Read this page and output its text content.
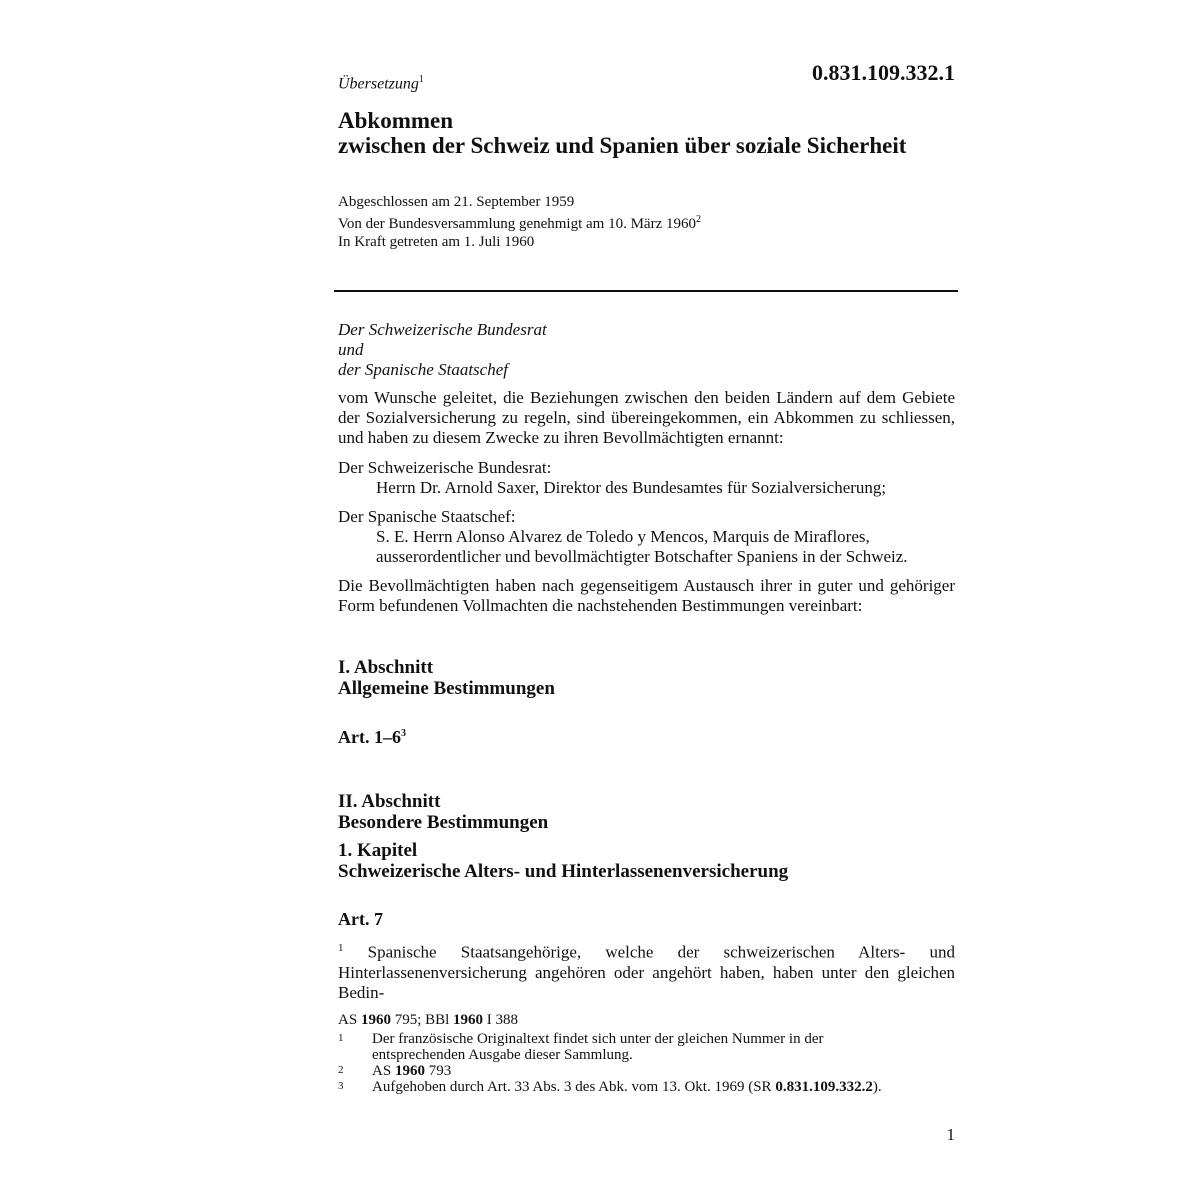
Übersetzung$^1$	0.831.109.332.1
Abkommen
zwischen der Schweiz und Spanien über soziale Sicherheit
Abgeschlossen am 21. September 1959
Von der Bundesversammlung genehmigt am 10. März 1960$^2$
In Kraft getreten am 1. Juli 1960
Der Schweizerische Bundesrat
und
der Spanische Staatschef
vom Wunsche geleitet, die Beziehungen zwischen den beiden Ländern auf dem Gebiete der Sozialversicherung zu regeln, sind übereingekommen, ein Abkommen zu schliessen, und haben zu diesem Zwecke zu ihren Bevollmächtigten ernannt:
Der Schweizerische Bundesrat:
Herrn Dr. Arnold Saxer, Direktor des Bundesamtes für Sozialversicherung;
Der Spanische Staatschef:
S. E. Herrn Alonso Alvarez de Toledo y Mencos, Marquis de Miraflores,
ausserordentlicher und bevollmächtigter Botschafter Spaniens in der Schweiz.
Die Bevollmächtigten haben nach gegenseitigem Austausch ihrer in guter und gehöriger Form befundenen Vollmachten die nachstehenden Bestimmungen vereinbart:
I. Abschnitt
Allgemeine Bestimmungen
Art. $1-6^3$
II. Abschnitt
Besondere Bestimmungen
1. Kapitel
Schweizerische Alters- und Hinterlassenenversicherung
Art. 7
$^1$ Spanische Staatsangehörige, welche der schweizerischen Alters- und Hinterlassenenversicherung angehören oder angehört haben, haben unter den gleichen Bedin-
AS 1960 795; BBl 1960 I 388
1	Der französische Originaltext findet sich unter der gleichen Nummer in der entsprechenden Ausgabe dieser Sammlung.
2	AS 1960 793
3	Aufgehoben durch Art. 33 Abs. 3 des Abk. vom 13. Okt. 1969 (SR 0.831.109.332.2).
1
